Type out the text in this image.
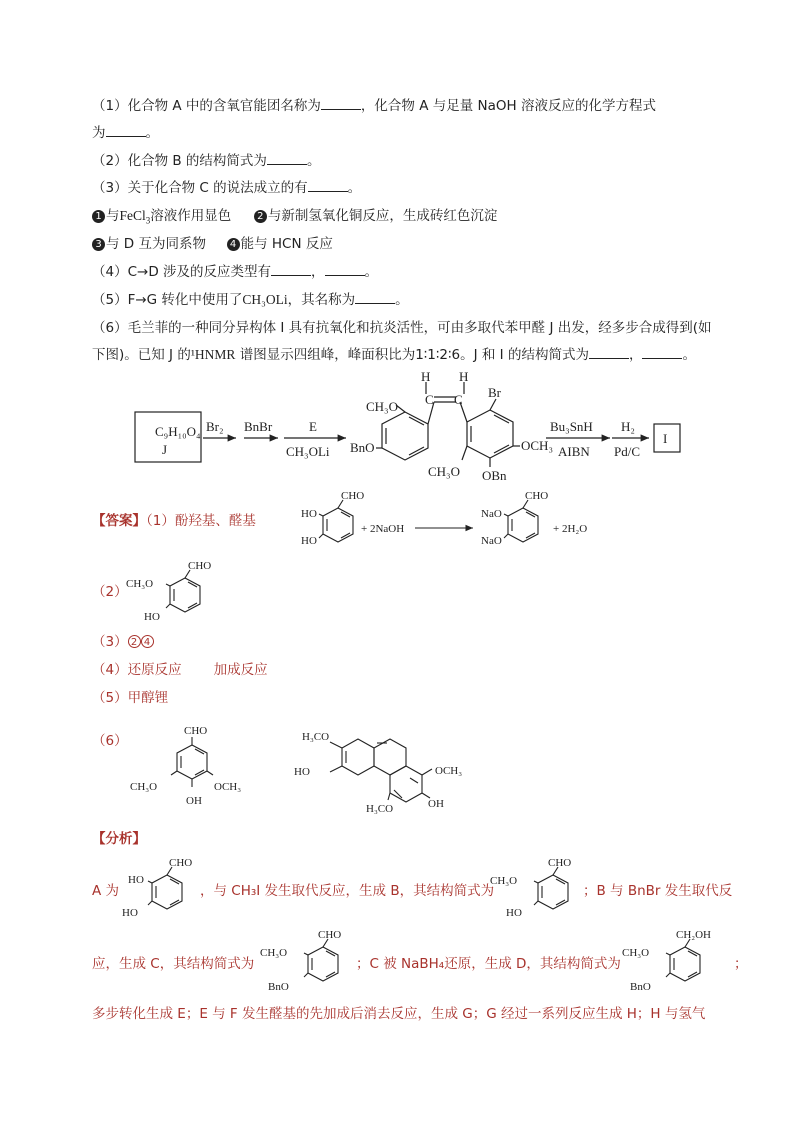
（1）化合物 A 中的含氧官能团名称为	，化合物 A 与足量 NaOH 溶液反应的化学方程式
为	。
（2）化合物 B 的结构简式为	。
（3）关于化合物 C 的说法成立的有	。
1 与FeCl$_3$溶液作用显色	2 与新制氢氧化铜反应，生成砖红色沉淀
3 与 D 互为同系物 4 能与 HCN 反应
（4）C→D 涉及的反应类型有	，	。
（5）F→G 转化中使用了CH₃OLi，其名称为	。
（6）毛兰菲的一种同分异构体 I 具有抗氧化和抗炎活性，可由多取代苯甲醛 J 出发，经多步合成得到(如
下图)。已知 J 的¹HNMR 谱图显示四组峰，峰面积比为1∶1∶2∶6。J 和 I 的结构简式为	，	。
C₉H₁₀O₄
J
Br₂ BnBr	E
CH₃OLi
H H
C C
CH₃O
BnO
Br
OCH₃
CH₃O OBn
Bu₃SnH
AIBN
H₂
Pd/C
I
【答案】（1）酚羟基、醛基
CHO
HO
HO
+ 2NaOH
CHO
NaO
NaO
+ 2H₂O
（2）
CHO
CH₃O
HO
（3） 2 4
（4）还原反应 加成反应
（5）甲醇锂
（6）
CHO
CH₃O	OCH₃
OH
H₃CO
HO	OCH₃
H₃CO	OH
【分析】
A 为
CHO
HO
HO
，与 CH₃I 发生取代反应，生成 B，其结构简式为
CHO
CH₃O
HO
；B 与 BnBr 发生取代反
应，生成 C，其结构简式为
CHO
CH₃O
BnO
；C 被 NaBH₄还原，生成 D，其结构简式为
CH₂OH
CH₃O
BnO
；
多步转化生成 E；E 与 F 发生醛基的先加成后消去反应，生成 G；G 经过一系列反应生成 H；H 与氢气
